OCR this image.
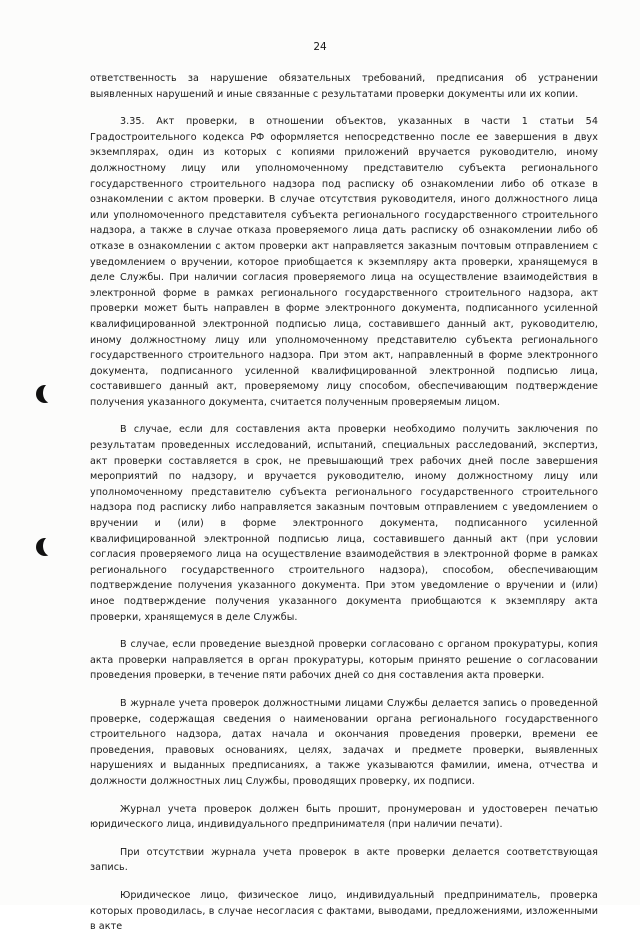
24

ответственность за нарушение обязательных требований, предписания об устранении выявленных нарушений и иные связанные с результатами проверки документы или их копии.

3.35. Акт проверки, в отношении объектов, указанных в части 1 статьи 54 Градостроительного кодекса РФ оформляется непосредственно после ее завершения в двух экземплярах, один из которых с копиями приложений вручается руководителю, иному должностному лицу или уполномоченному представителю субъекта регионального государственного строительного надзора под расписку об ознакомлении либо об отказе в ознакомлении с актом проверки. В случае отсутствия руководителя, иного должностного лица или уполномоченного представителя субъекта регионального государственного строительного надзора, а также в случае отказа проверяемого лица дать расписку об ознакомлении либо об отказе в ознакомлении с актом проверки акт направляется заказным почтовым отправлением с уведомлением о вручении, которое приобщается к экземпляру акта проверки, хранящемуся в деле Службы. При наличии согласия проверяемого лица на осуществление взаимодействия в электронной форме в рамках регионального государственного строительного надзора, акт проверки может быть направлен в форме электронного документа, подписанного усиленной квалифицированной электронной подписью лица, составившего данный акт, руководителю, иному должностному лицу или уполномоченному представителю субъекта регионального государственного строительного надзора. При этом акт, направленный в форме электронного документа, подписанного усиленной квалифицированной электронной подписью лица, составившего данный акт, проверяемому лицу способом, обеспечивающим подтверждение получения указанного документа, считается полученным проверяемым лицом.

В случае, если для составления акта проверки необходимо получить заключения по результатам проведенных исследований, испытаний, специальных расследований, экспертиз, акт проверки составляется в срок, не превышающий трех рабочих дней после завершения мероприятий по надзору, и вручается руководителю, иному должностному лицу или уполномоченному представителю субъекта регионального государственного строительного надзора под расписку либо направляется заказным почтовым отправлением с уведомлением о вручении и (или) в форме электронного документа, подписанного усиленной квалифицированной электронной подписью лица, составившего данный акт (при условии согласия проверяемого лица на осуществление взаимодействия в электронной форме в рамках регионального государственного строительного надзора), способом, обеспечивающим подтверждение получения указанного документа. При этом уведомление о вручении и (или) иное подтверждение получения указанного документа приобщаются к экземпляру акта проверки, хранящемуся в деле Службы.

В случае, если проведение выездной проверки согласовано с органом прокуратуры, копия акта проверки направляется в орган прокуратуры, которым принято решение о согласовании проведения проверки, в течение пяти рабочих дней со дня составления акта проверки.

В журнале учета проверок должностными лицами Службы делается запись о проведенной проверке, содержащая сведения о наименовании органа регионального государственного строительного надзора, датах начала и окончания проведения проверки, времени ее проведения, правовых основаниях, целях, задачах и предмете проверки, выявленных нарушениях и выданных предписаниях, а также указываются фамилии, имена, отчества и должности должностных лиц Службы, проводящих проверку, их подписи.

Журнал учета проверок должен быть прошит, пронумерован и удостоверен печатью юридического лица, индивидуального предпринимателя (при наличии печати).

При отсутствии журнала учета проверок в акте проверки делается соответствующая запись.

Юридическое лицо, физическое лицо, индивидуальный предприниматель, проверка которых проводилась, в случае несогласия с фактами, выводами, предложениями, изложенными в акте
